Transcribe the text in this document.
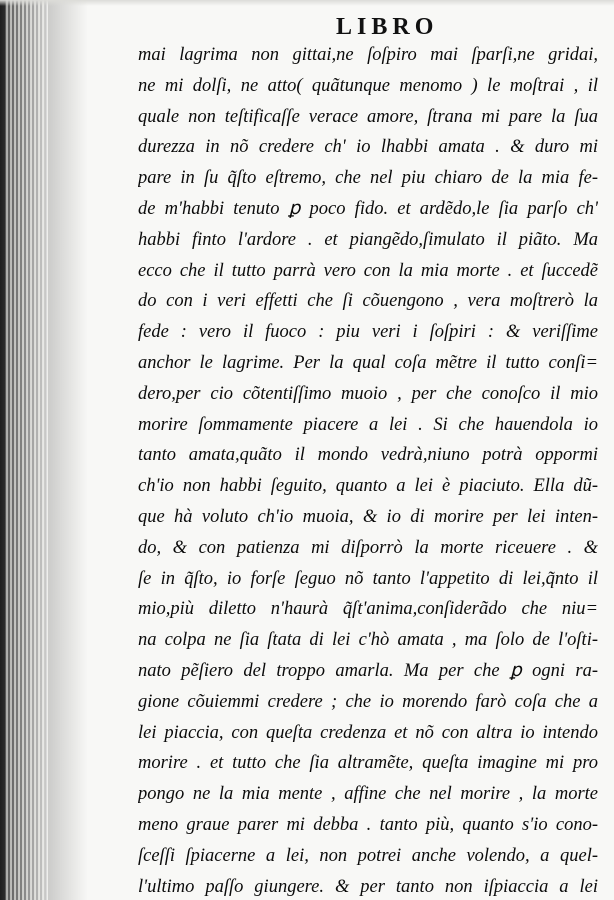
LIBRO
mai lagrima non gittai,ne ſoſpiro mai ſparſi,ne gridai,
ne mi dolſi, ne atto( quãtunque menomo ) le moſtrai , il
quale non teſtificaſſe verace amore, ſtrana mi pare la ſua
durezza in nõ credere ch' io lhabbi amata . & duro mi
pare in ſu q̃ſto eſtremo, che nel piu chiaro de la mia fe-
de m'habbi tenuto ꝑ poco fido. et ardẽdo,le ſia parſo ch'
habbi finto l'ardore . et piangẽdo,ſimulato il piãto. Ma
ecco che il tutto parrà vero con la mia morte . et ſuccedẽ
do con i veri effetti che ſi cõuengono , vera moſtrerò la
fede : vero il fuoco : piu veri i ſoſpiri : & veriſſime
anchor le lagrime. Per la qual coſa mẽtre il tutto conſi=
dero,per cio cõtentiſſimo muoio , per che conoſco il mio
morire ſommamente piacere a lei . Si che hauendola io
tanto amata,quãto il mondo vedrà,niuno potrà oppormi
ch'io non habbi ſeguito, quanto a lei è piaciuto. Ella dũ-
que hà voluto ch'io muoia, & io di morire per lei inten-
do, & con patienza mi diſporrò la morte riceuere . &
ſe in q̃ſto, io forſe ſeguo nõ tanto l'appetito di lei,q̃nto il
mio,più diletto n'haurà q̃ſt'anima,conſiderãdo che niu=
na colpa ne ſia ſtata di lei c'hò amata , ma ſolo de l'oſti-
nato pẽſiero del troppo amarla. Ma per che ꝑ ogni ra-
gione cõuiemmi credere ; che io morendo farò coſa che a
lei piaccia, con queſta credenza et nõ con altra io intendo
morire . et tutto che ſia altramẽte, queſta imagine mi pro
pongo ne la mia mente , affine che nel morire , la morte
meno graue parer mi debba . tanto più, quanto s'io cono-
ſceſſi ſpiacerne a lei, non potrei anche volendo, a quel-
l'ultimo paſſo giungere. & per tanto non iſpiaccia a lei
